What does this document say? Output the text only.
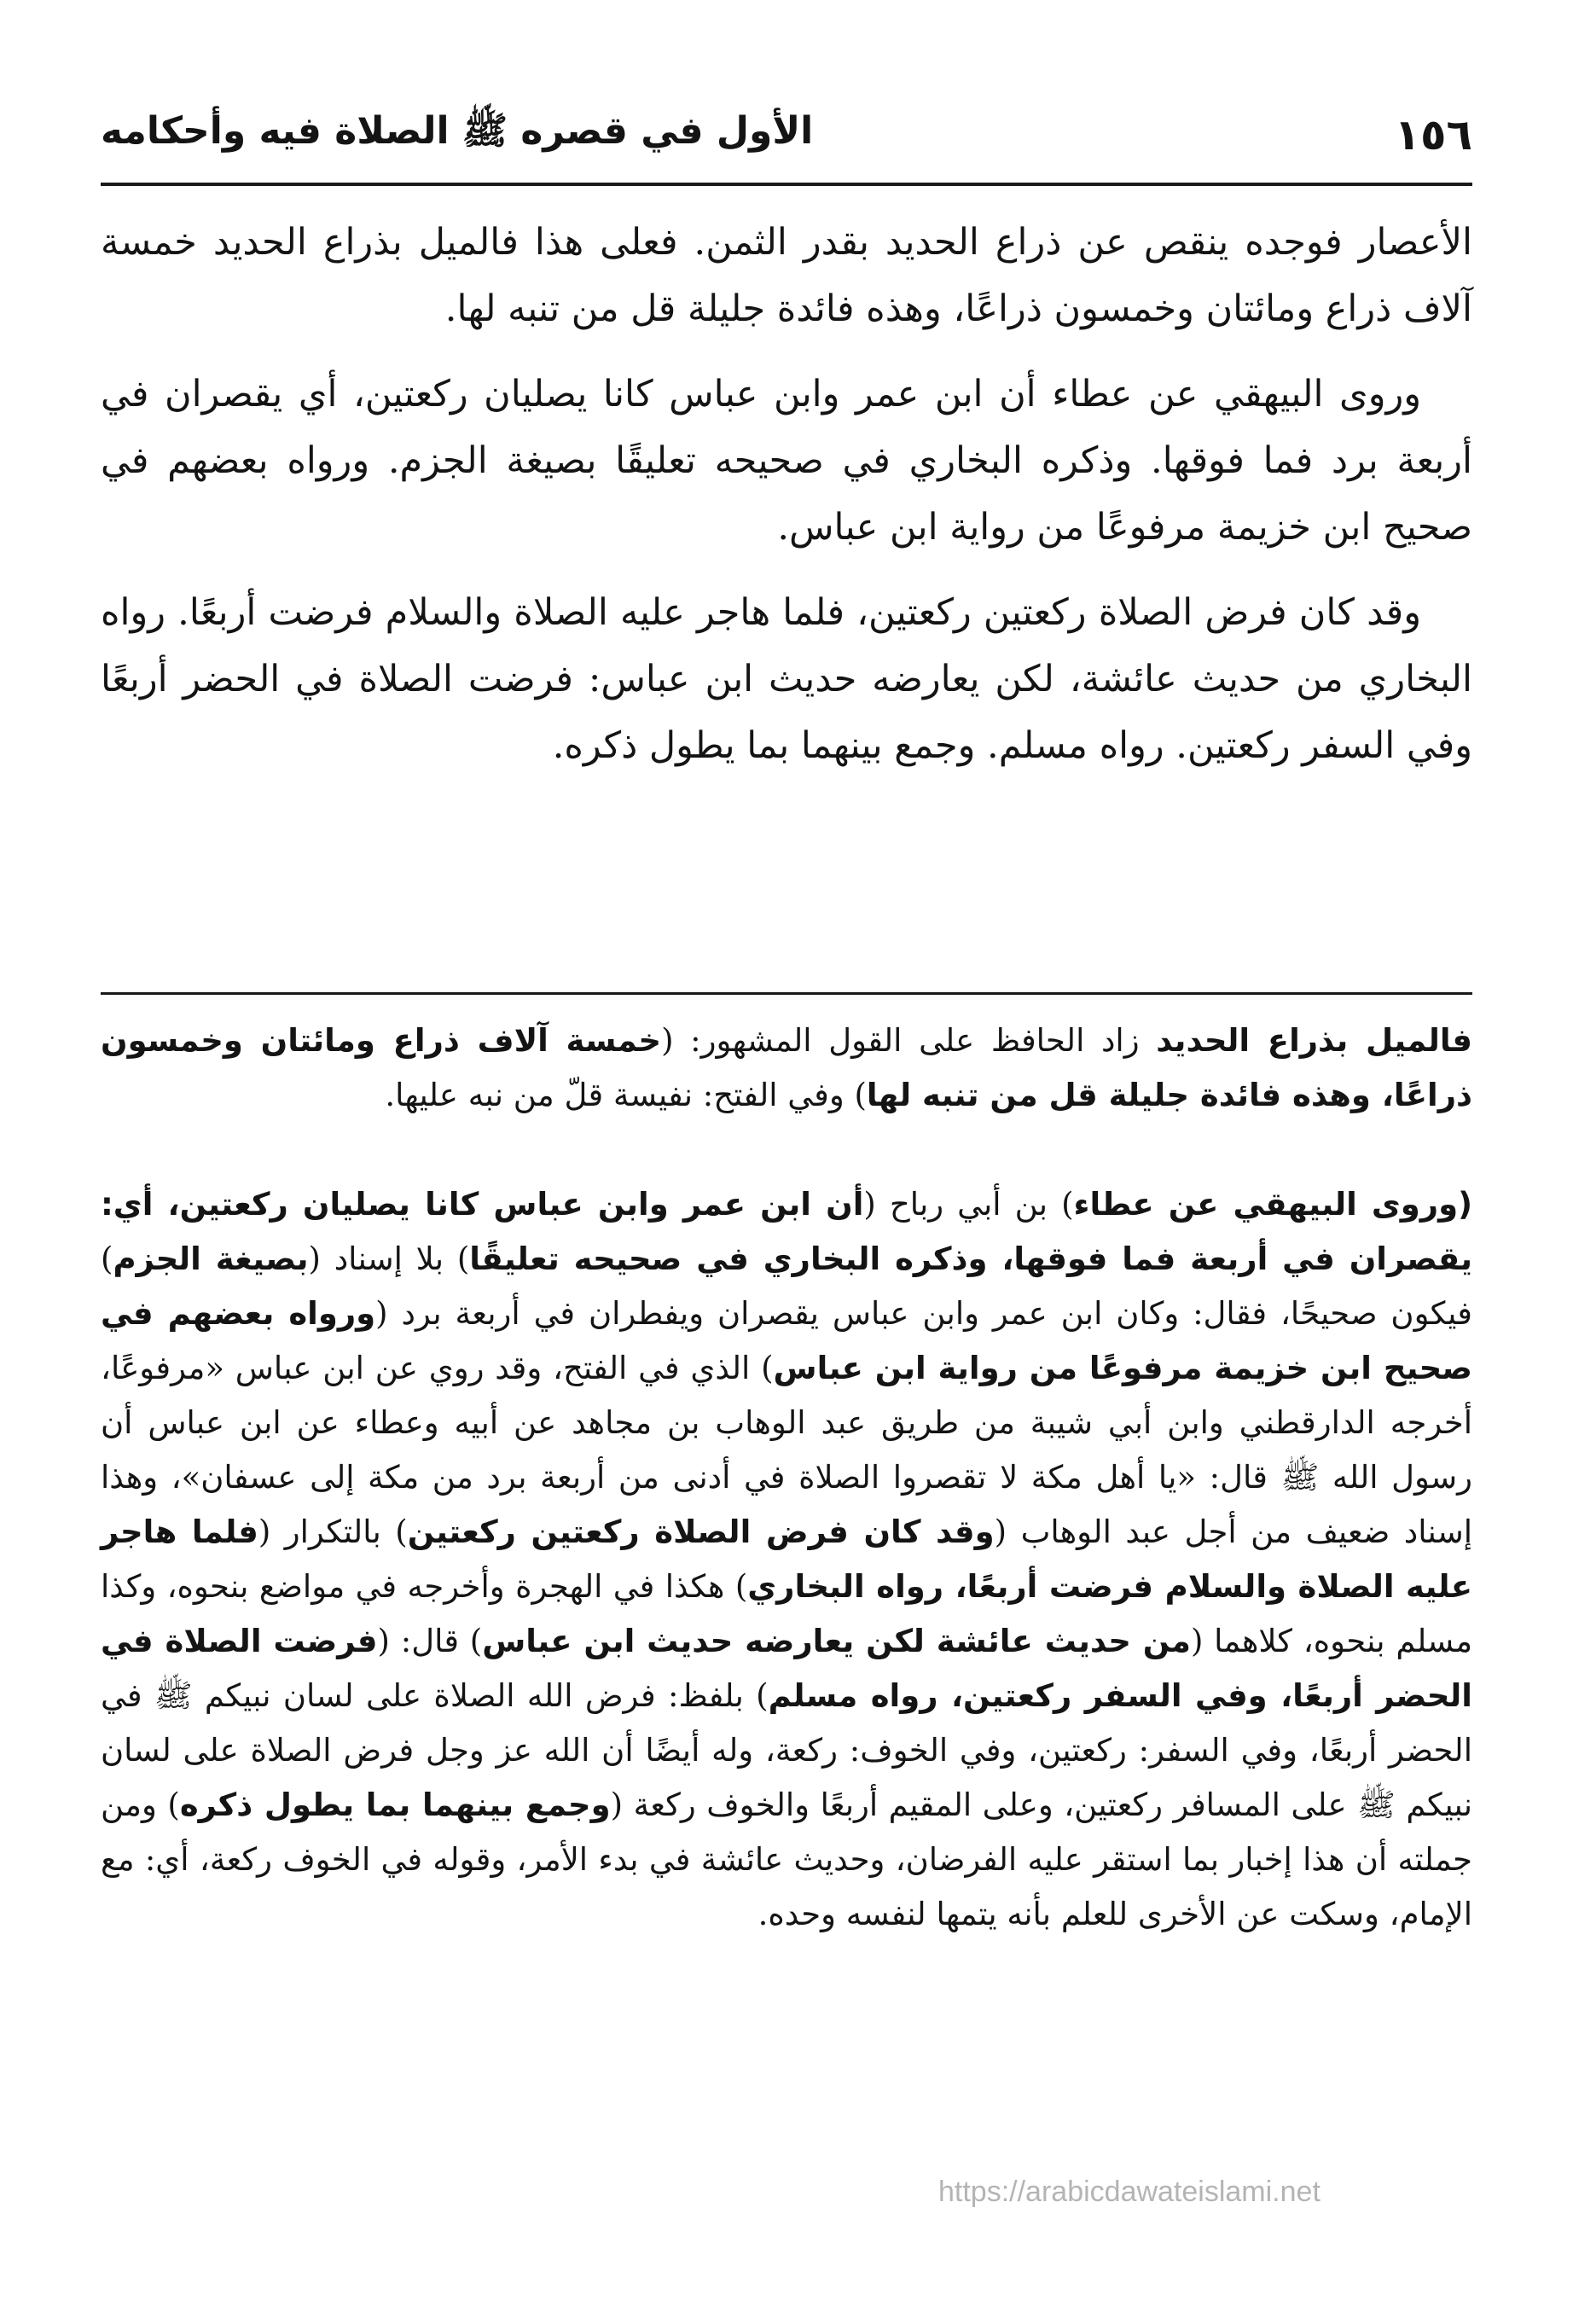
١٥٦
الأول في قصره ﷺ الصلاة فيه وأحكامه

الأعصار فوجده ينقص عن ذراع الحديد بقدر الثمن. فعلى هذا فالميل بذراع الحديد خمسة آلاف ذراع ومائتان وخمسون ذراعًا، وهذه فائدة جليلة قل من تنبه لها.

وروى البيهقي عن عطاء أن ابن عمر وابن عباس كانا يصليان ركعتين، أي يقصران في أربعة برد فما فوقها. وذكره البخاري في صحيحه تعليقًا بصيغة الجزم. ورواه بعضهم في صحيح ابن خزيمة مرفوعًا من رواية ابن عباس.

وقد كان فرض الصلاة ركعتين ركعتين، فلما هاجر عليه الصلاة والسلام فرضت أربعًا. رواه البخاري من حديث عائشة، لكن يعارضه حديث ابن عباس: فرضت الصلاة في الحضر أربعًا وفي السفر ركعتين. رواه مسلم. وجمع بينهما بما يطول ذكره.

فالميل بذراع الحديد زاد الحافظ على القول المشهور: (خمسة آلاف ذراع ومائتان وخمسون ذراعًا، وهذه فائدة جليلة قل من تنبه لها) وفي الفتح: نفيسة قلّ من نبه عليها.

(وروى البيهقي عن عطاء) بن أبي رباح (أن ابن عمر وابن عباس كانا يصليان ركعتين، أي: يقصران في أربعة فما فوقها، وذكره البخاري في صحيحه تعليقًا) بلا إسناد (بصيغة الجزم) فيكون صحيحًا، فقال: وكان ابن عمر وابن عباس يقصران ويفطران في أربعة برد (ورواه بعضهم في صحيح ابن خزيمة مرفوعًا من رواية ابن عباس) الذي في الفتح، وقد روي عن ابن عباس «مرفوعًا، أخرجه الدارقطني وابن أبي شيبة من طريق عبد الوهاب بن مجاهد عن أبيه وعطاء عن ابن عباس أن رسول الله ﷺ قال: «يا أهل مكة لا تقصروا الصلاة في أدنى من أربعة برد من مكة إلى عسفان»، وهذا إسناد ضعيف من أجل عبد الوهاب (وقد كان فرض الصلاة ركعتين ركعتين) بالتكرار (فلما هاجر عليه الصلاة والسلام فرضت أربعًا، رواه البخاري) هكذا في الهجرة وأخرجه في مواضع بنحوه، وكذا مسلم بنحوه، كلاهما (من حديث عائشة لكن يعارضه حديث ابن عباس) قال: (فرضت الصلاة في الحضر أربعًا، وفي السفر ركعتين، رواه مسلم) بلفظ: فرض الله الصلاة على لسان نبيكم ﷺ في الحضر أربعًا، وفي السفر: ركعتين، وفي الخوف: ركعة، وله أيضًا أن الله عز وجل فرض الصلاة على لسان نبيكم ﷺ على المسافر ركعتين، وعلى المقيم أربعًا والخوف ركعة (وجمع بينهما بما يطول ذكره) ومن جملته أن هذا إخبار بما استقر عليه الفرضان، وحديث عائشة في بدء الأمر، وقوله في الخوف ركعة، أي: مع الإمام، وسكت عن الأخرى للعلم بأنه يتمها لنفسه وحده.

https://arabicdawateislami.net
